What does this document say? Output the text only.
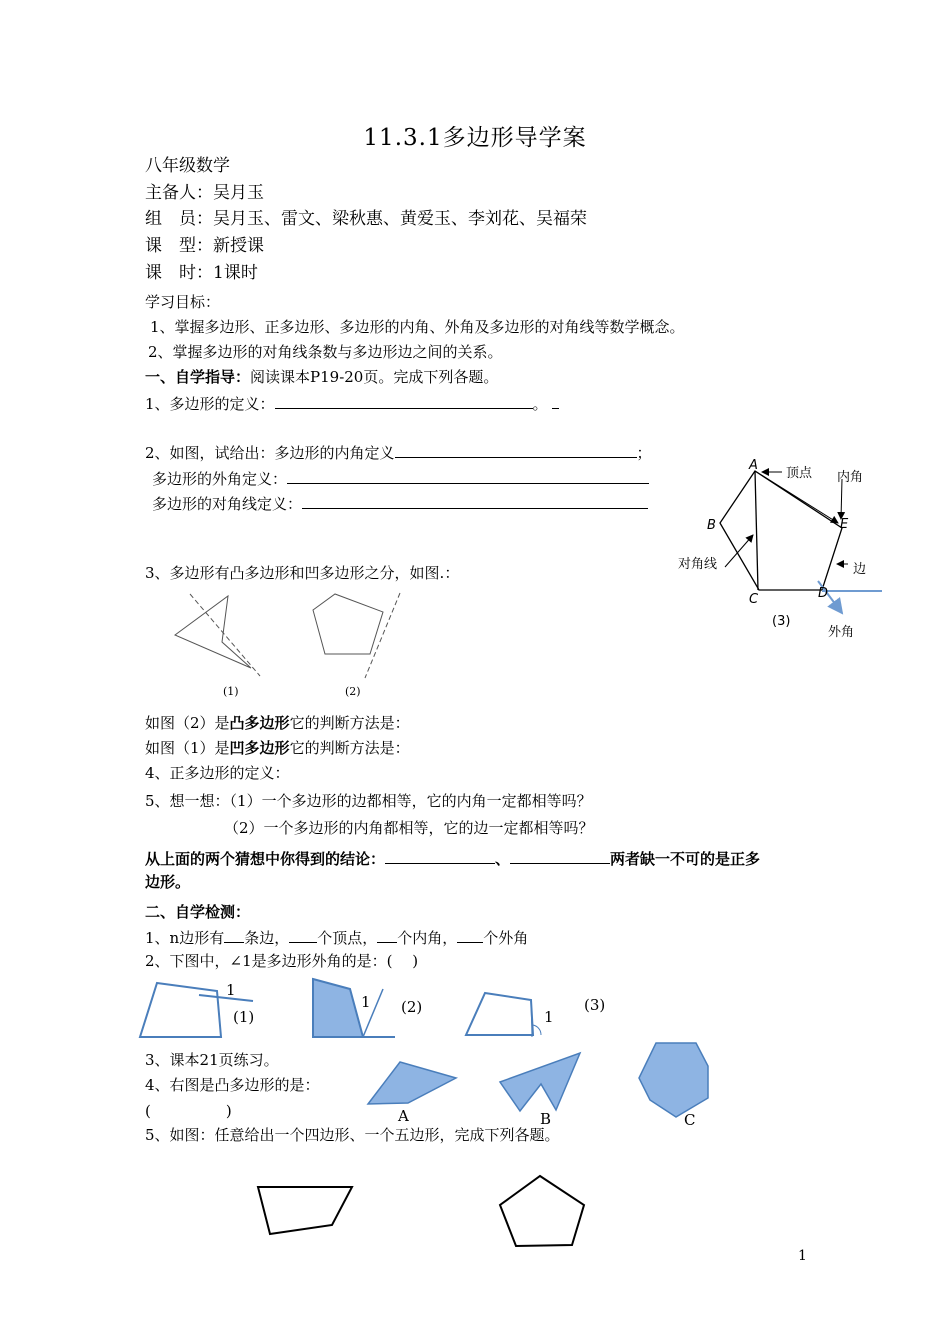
11.3.1多边形导学案
八年级数学
主备人：吴月玉
组　员：吴月玉、雷文、梁秋惠、黄爱玉、李刘花、吴福荣
课　型：新授课
课　时：1课时
学习目标：
1、掌握多边形、正多边形、多边形的内角、外角及多边形的对角线等数学概念。
2、掌握多边形的对角线条数与多边形边之间的关系。
一、自学指导：阅读课本P19-20页。完成下列各题。
1、多边形的定义：	。
2、如图，试给出：多边形的内角定义	；
多边形的外角定义：
多边形的对角线定义：
A
B
C	D
E
顶点 内角
对角线	边
外角
(3)
3、多边形有凸多边形和凹多边形之分，如图.：
(1)	(2)
如图（2）是凸多边形它的判断方法是：
如图（1）是凹多边形它的判断方法是：
4、正多边形的定义：
5、想一想：（1）一个多边形的边都相等，它的内角一定都相等吗？
（2）一个多边形的内角都相等，它的边一定都相等吗？
从上面的两个猜想中你得到的结论：	、	两者缺一不可的是正多
边形。
二、自学检测：
1、n边形有 条边， 个顶点， 个内角， 个外角
2、下图中，∠1是多边形外角的是：(　 )
1
(1)
1 (2)
1
(3)
3、课本21页练习。
4、右图是凸多边形的是：
(　　　　　)	A	B	C
5、如图：任意给出一个四边形、一个五边形，完成下列各题。
1
